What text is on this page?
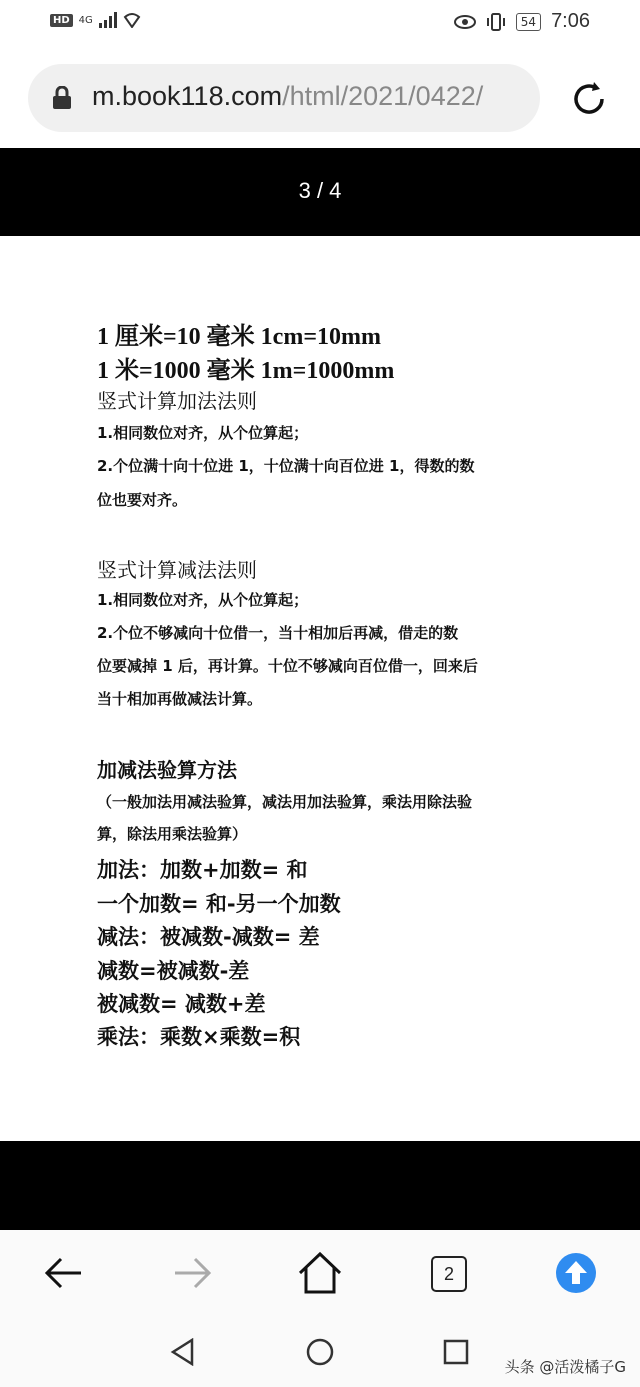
HD 4G	54 7:06
m.book118.com/html/2021/0422/
3 / 4
1 厘米=10 毫米 1cm=10mm
1 米=1000 毫米 1m=1000mm
竖式计算加法法则
1.相同数位对齐，从个位算起；
2.个位满十向十位进 1，十位满十向百位进 1，得数的数
位也要对齐。
竖式计算减法法则
1.相同数位对齐，从个位算起；
2.个位不够减向十位借一，当十相加后再减，借走的数
位要减掉 1 后，再计算。十位不够减向百位借一，回来后
当十相加再做减法计算。
加减法验算方法
（一般加法用减法验算，减法用加法验算，乘法用除法验
算，除法用乘法验算）
加法：加数+加数= 和
一个加数= 和-另一个加数
减法：被减数-减数= 差
减数=被减数-差
被减数= 减数+差
乘法：乘数×乘数=积
2
头条 @活泼橘子G
